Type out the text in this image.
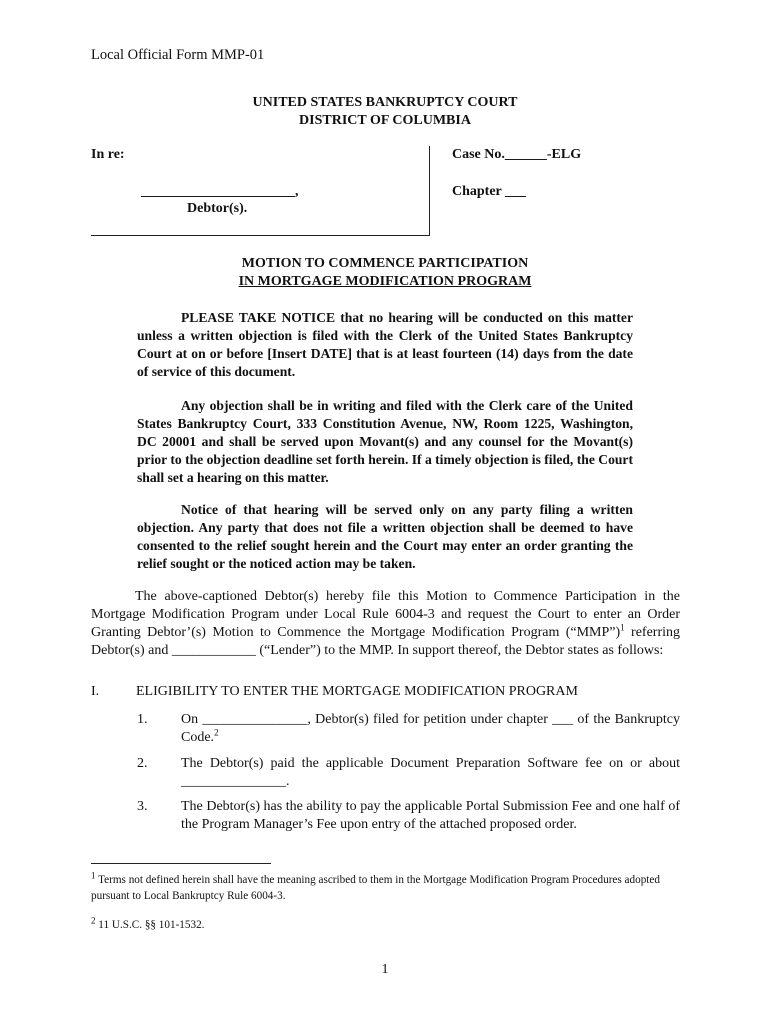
Local Official Form MMP-01
UNITED STATES BANKRUPTCY COURT
DISTRICT OF COLUMBIA
In re:
______________________,
Debtor(s).
Case No.______-ELG
Chapter ___
MOTION TO COMMENCE PARTICIPATION
IN MORTGAGE MODIFICATION PROGRAM

PLEASE TAKE NOTICE that no hearing will be conducted on this matter unless a written objection is filed with the Clerk of the United States Bankruptcy Court at on or before [Insert DATE] that is at least fourteen (14) days from the date of service of this document.

Any objection shall be in writing and filed with the Clerk care of the United States Bankruptcy Court, 333 Constitution Avenue, NW, Room 1225, Washington, DC 20001 and shall be served upon Movant(s) and any counsel for the Movant(s) prior to the objection deadline set forth herein. If a timely objection is filed, the Court shall set a hearing on this matter.

Notice of that hearing will be served only on any party filing a written objection. Any party that does not file a written objection shall be deemed to have consented to the relief sought herein and the Court may enter an order granting the relief sought or the noticed action may be taken.

The above-captioned Debtor(s) hereby file this Motion to Commence Participation in the Mortgage Modification Program under Local Rule 6004-3 and request the Court to enter an Order Granting Debtor’(s) Motion to Commence the Mortgage Modification Program (“MMP”)$^1$ referring Debtor(s) and ____________ (“Lender”) to the MMP. In support thereof, the Debtor states as follows:

I.	ELIGIBILITY TO ENTER THE MORTGAGE MODIFICATION PROGRAM
1. On _______________, Debtor(s) filed for petition under chapter ___ of the Bankruptcy Code.$^2$
2. The Debtor(s) paid the applicable Document Preparation Software fee on or about _______________.
3. The Debtor(s) has the ability to pay the applicable Portal Submission Fee and one half of the Program Manager’s Fee upon entry of the attached proposed order.
$^1$ Terms not defined herein shall have the meaning ascribed to them in the Mortgage Modification Program Procedures adopted pursuant to Local Bankruptcy Rule 6004-3.
$^2$ 11 U.S.C. §§ 101-1532.
1
